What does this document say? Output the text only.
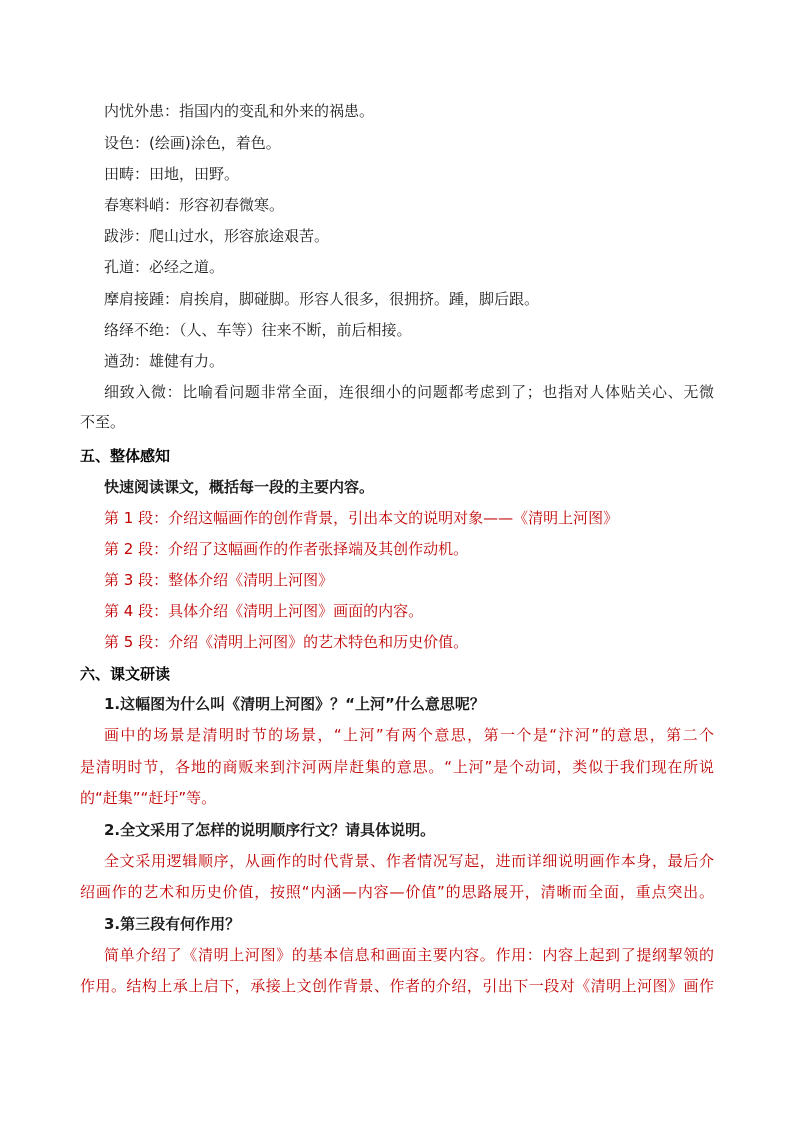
内忧外患：指国内的变乱和外来的祸患。
设色：(绘画)涂色，着色。
田畴：田地，田野。
春寒料峭：形容初春微寒。
跋涉：爬山过水，形容旅途艰苦。
孔道：必经之道。
摩肩接踵：肩挨肩，脚碰脚。形容人很多，很拥挤。踵，脚后跟。
络绎不绝：（人、车等）往来不断，前后相接。
遒劲：雄健有力。
细致入微：比喻看问题非常全面，连很细小的问题都考虑到了；也指对人体贴关心、无微
不至。
五、整体感知
快速阅读课文，概括每一段的主要内容。
第 1 段：介绍这幅画作的创作背景，引出本文的说明对象——《清明上河图》
第 2 段：介绍了这幅画作的作者张择端及其创作动机。
第 3 段：整体介绍《清明上河图》
第 4 段：具体介绍《清明上河图》画面的内容。
第 5 段：介绍《清明上河图》的艺术特色和历史价值。
六、课文研读
1.这幅图为什么叫《清明上河图》？“上河”什么意思呢？
画中的场景是清明时节的场景，“上河”有两个意思，第一个是“汴河”的意思，第二个
是清明时节，各地的商贩来到汴河两岸赶集的意思。“上河”是个动词，类似于我们现在所说
的“赶集”“赶圩”等。
2.全文采用了怎样的说明顺序行文？请具体说明。
全文采用逻辑顺序，从画作的时代背景、作者情况写起，进而详细说明画作本身，最后介
绍画作的艺术和历史价值，按照“内涵—内容—价值”的思路展开，清晰而全面，重点突出。
3.第三段有何作用？
简单介绍了《清明上河图》的基本信息和画面主要内容。作用：内容上起到了提纲挈领的
作用。结构上承上启下，承接上文创作背景、作者的介绍，引出下一段对《清明上河图》画作
